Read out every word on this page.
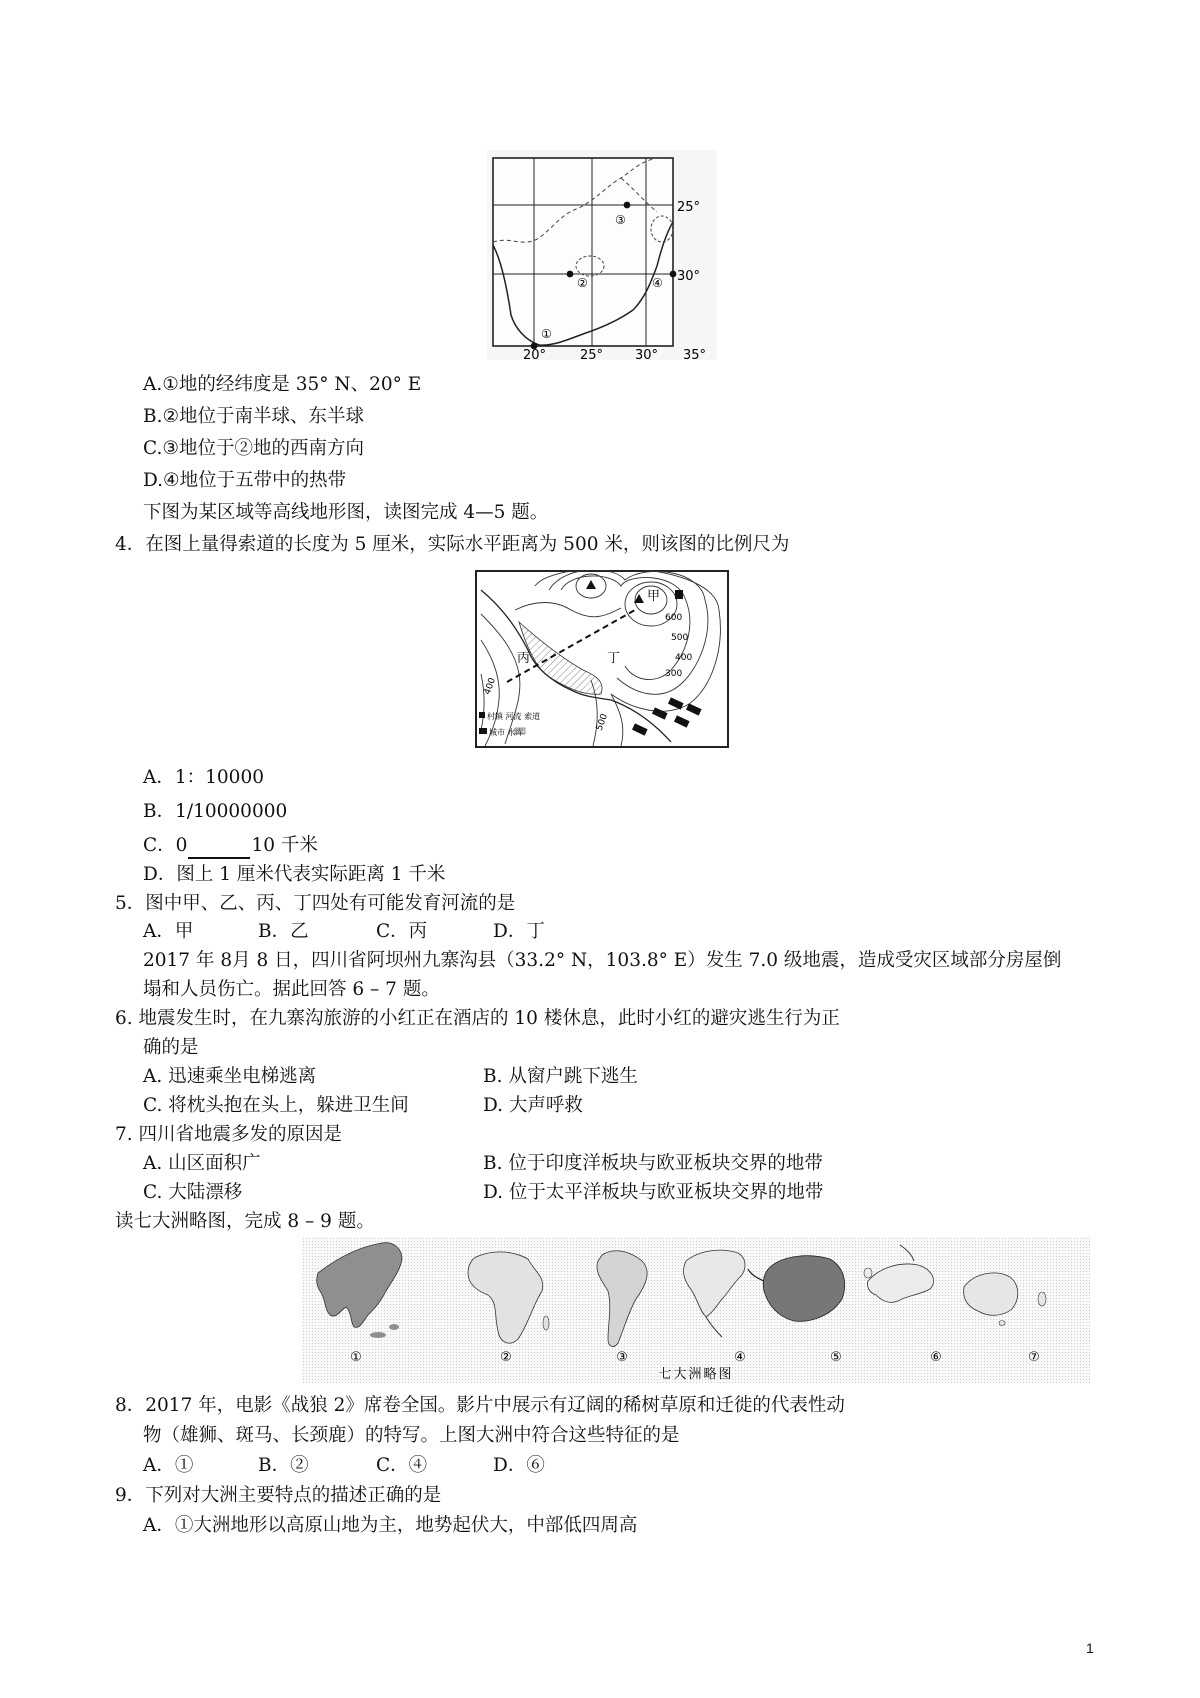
①
②
③
④
25°
30°
20°	25° 30° 35°
A.①地的经纬度是 35° N、20° E
B.②地位于南半球、东半球
C.③地位于②地的西南方向
D.④地位于五带中的热带
下图为某区域等高线地形图，读图完成 4—5 题。
4．在图上量得索道的长度为 5 厘米，实际水平距离为 500 米，则该图的比例尺为
甲
丙	丁
600
500
400
300
400
500
村镇 河流 索道
城市 水库
A．1：10000
B．1/10000000
C．0	10 千米
D．图上 1 厘米代表实际距离 1 千米
5．图中甲、乙、丙、丁四处有可能发育河流的是
A．甲	B．乙	C．丙	D．丁
2017 年 8月 8 日，四川省阿坝州九寨沟县（33.2° N，103.8° E）发生 7.0 级地震，造成受灾区域部分房屋倒
塌和人员伤亡。据此回答 6 – 7 题。
6. 地震发生时，在九寨沟旅游的小红正在酒店的 10 楼休息，此时小红的避灾逃生行为正
确的是
A. 迅速乘坐电梯逃离	B. 从窗户跳下逃生
C. 将枕头抱在头上，躲进卫生间	D. 大声呼救
7. 四川省地震多发的原因是
A. 山区面积广	B. 位于印度洋板块与欧亚板块交界的地带
C. 大陆漂移	D. 位于太平洋板块与欧亚板块交界的地带
读七大洲略图，完成 8 – 9 题。
①	②	③	④	⑤	⑥	⑦
七大洲略图
8．2017 年，电影《战狼 2》席卷全国。影片中展示有辽阔的稀树草原和迁徙的代表性动
物（雄狮、斑马、长颈鹿）的特写。上图大洲中符合这些特征的是
A．①	B．②	C．④	D．⑥
9．下列对大洲主要特点的描述正确的是
A．①大洲地形以高原山地为主，地势起伏大，中部低四周高
1
